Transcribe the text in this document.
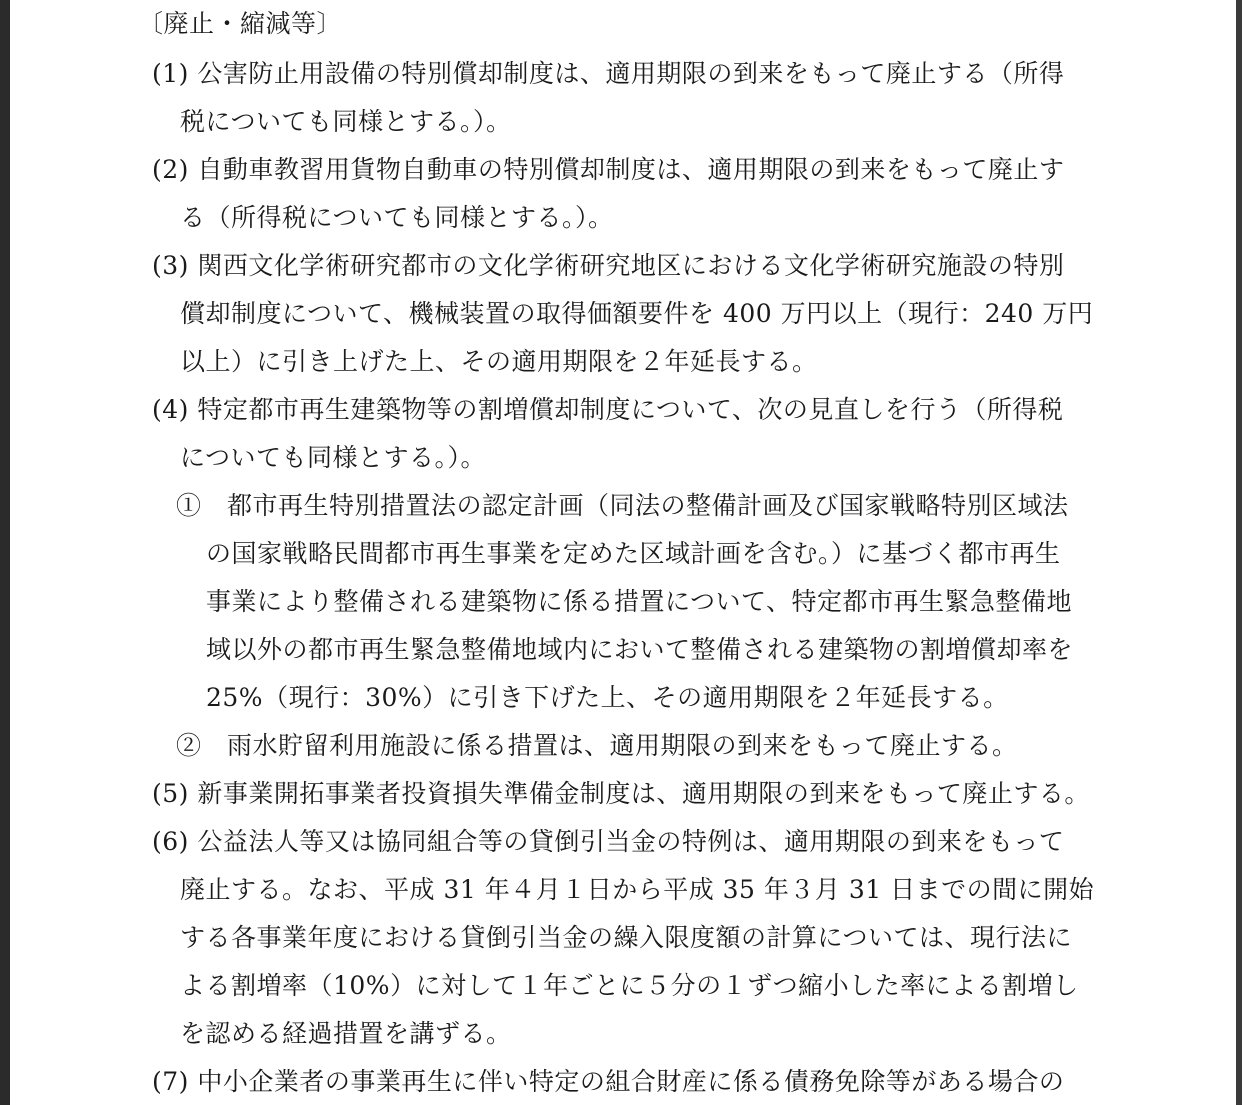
〔廃止・縮減等〕
(1) 公害防止用設備の特別償却制度は、適用期限の到来をもって廃止する（所得
税についても同様とする。）。
(2) 自動車教習用貨物自動車の特別償却制度は、適用期限の到来をもって廃止す
る（所得税についても同様とする。）。
(3) 関西文化学術研究都市の文化学術研究地区における文化学術研究施設の特別
償却制度について、機械装置の取得価額要件を 400 万円以上（現行：240 万円
以上）に引き上げた上、その適用期限を２年延長する。
(4) 特定都市再生建築物等の割増償却制度について、次の見直しを行う（所得税
についても同様とする。）。
①　都市再生特別措置法の認定計画（同法の整備計画及び国家戦略特別区域法
の国家戦略民間都市再生事業を定めた区域計画を含む。）に基づく都市再生
事業により整備される建築物に係る措置について、特定都市再生緊急整備地
域以外の都市再生緊急整備地域内において整備される建築物の割増償却率を
25%（現行：30%）に引き下げた上、その適用期限を２年延長する。
②　雨水貯留利用施設に係る措置は、適用期限の到来をもって廃止する。
(5) 新事業開拓事業者投資損失準備金制度は、適用期限の到来をもって廃止する。
(6) 公益法人等又は協同組合等の貸倒引当金の特例は、適用期限の到来をもって
廃止する。なお、平成 31 年４月１日から平成 35 年３月 31 日までの間に開始
する各事業年度における貸倒引当金の繰入限度額の計算については、現行法に
よる割増率（10%）に対して１年ごとに５分の１ずつ縮小した率による割増し
を認める経過措置を講ずる。
(7) 中小企業者の事業再生に伴い特定の組合財産に係る債務免除等がある場合の
